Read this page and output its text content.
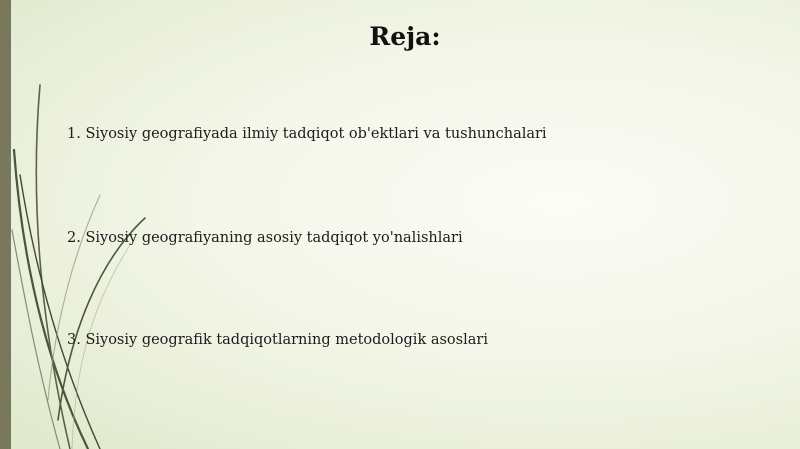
Reja:
1. Siyosiy geografiyada ilmiy tadqiqot ob'ektlari va tushunchalari
2. Siyosiy geografiyaning asosiy tadqiqot yo'nalishlari
3. Siyosiy geografik tadqiqotlarning metodologik asoslari
